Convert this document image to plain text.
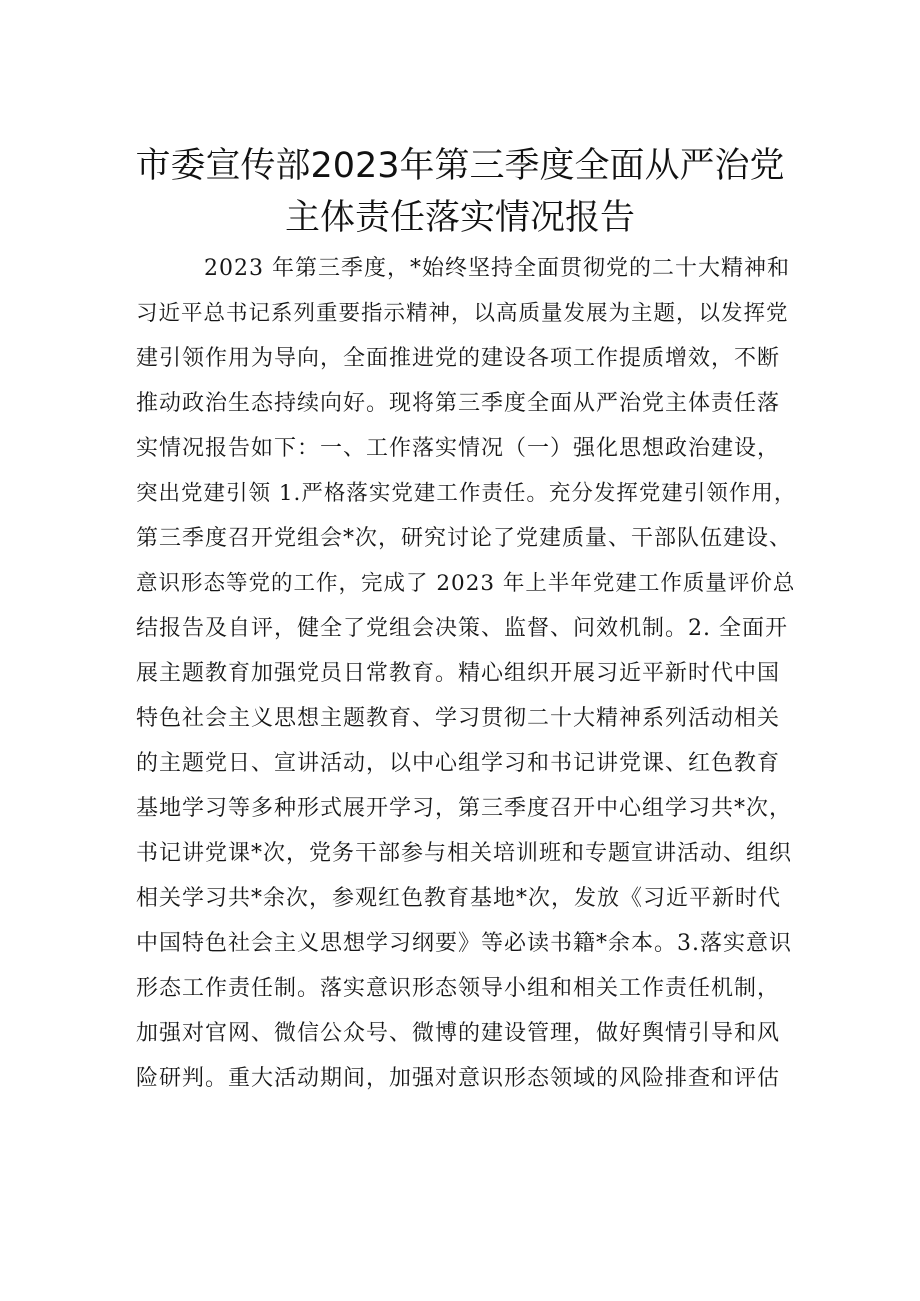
市委宣传部2023年第三季度全面从严治党
主体责任落实情况报告
2023 年第三季度，*始终坚持全面贯彻党的二十大精神和
习近平总书记系列重要指示精神，以高质量发展为主题，以发挥党
建引领作用为导向，全面推进党的建设各项工作提质增效，不断
推动政治生态持续向好。现将第三季度全面从严治党主体责任落
实情况报告如下：一、工作落实情况（一）强化思想政治建设，
突出党建引领 1.严格落实党建工作责任。充分发挥党建引领作用，
第三季度召开党组会*次，研究讨论了党建质量、干部队伍建设、
意识形态等党的工作，完成了 2023 年上半年党建工作质量评价总
结报告及自评，健全了党组会决策、监督、问效机制。2. 全面开
展主题教育加强党员日常教育。精心组织开展习近平新时代中国
特色社会主义思想主题教育、学习贯彻二十大精神系列活动相关
的主题党日、宣讲活动，以中心组学习和书记讲党课、红色教育
基地学习等多种形式展开学习，第三季度召开中心组学习共*次，
书记讲党课*次，党务干部参与相关培训班和专题宣讲活动、组织
相关学习共*余次，参观红色教育基地*次，发放《习近平新时代
中国特色社会主义思想学习纲要》等必读书籍*余本。3.落实意识
形态工作责任制。落实意识形态领导小组和相关工作责任机制，
加强对官网、微信公众号、微博的建设管理，做好舆情引导和风
险研判。重大活动期间，加强对意识形态领域的风险排查和评估
